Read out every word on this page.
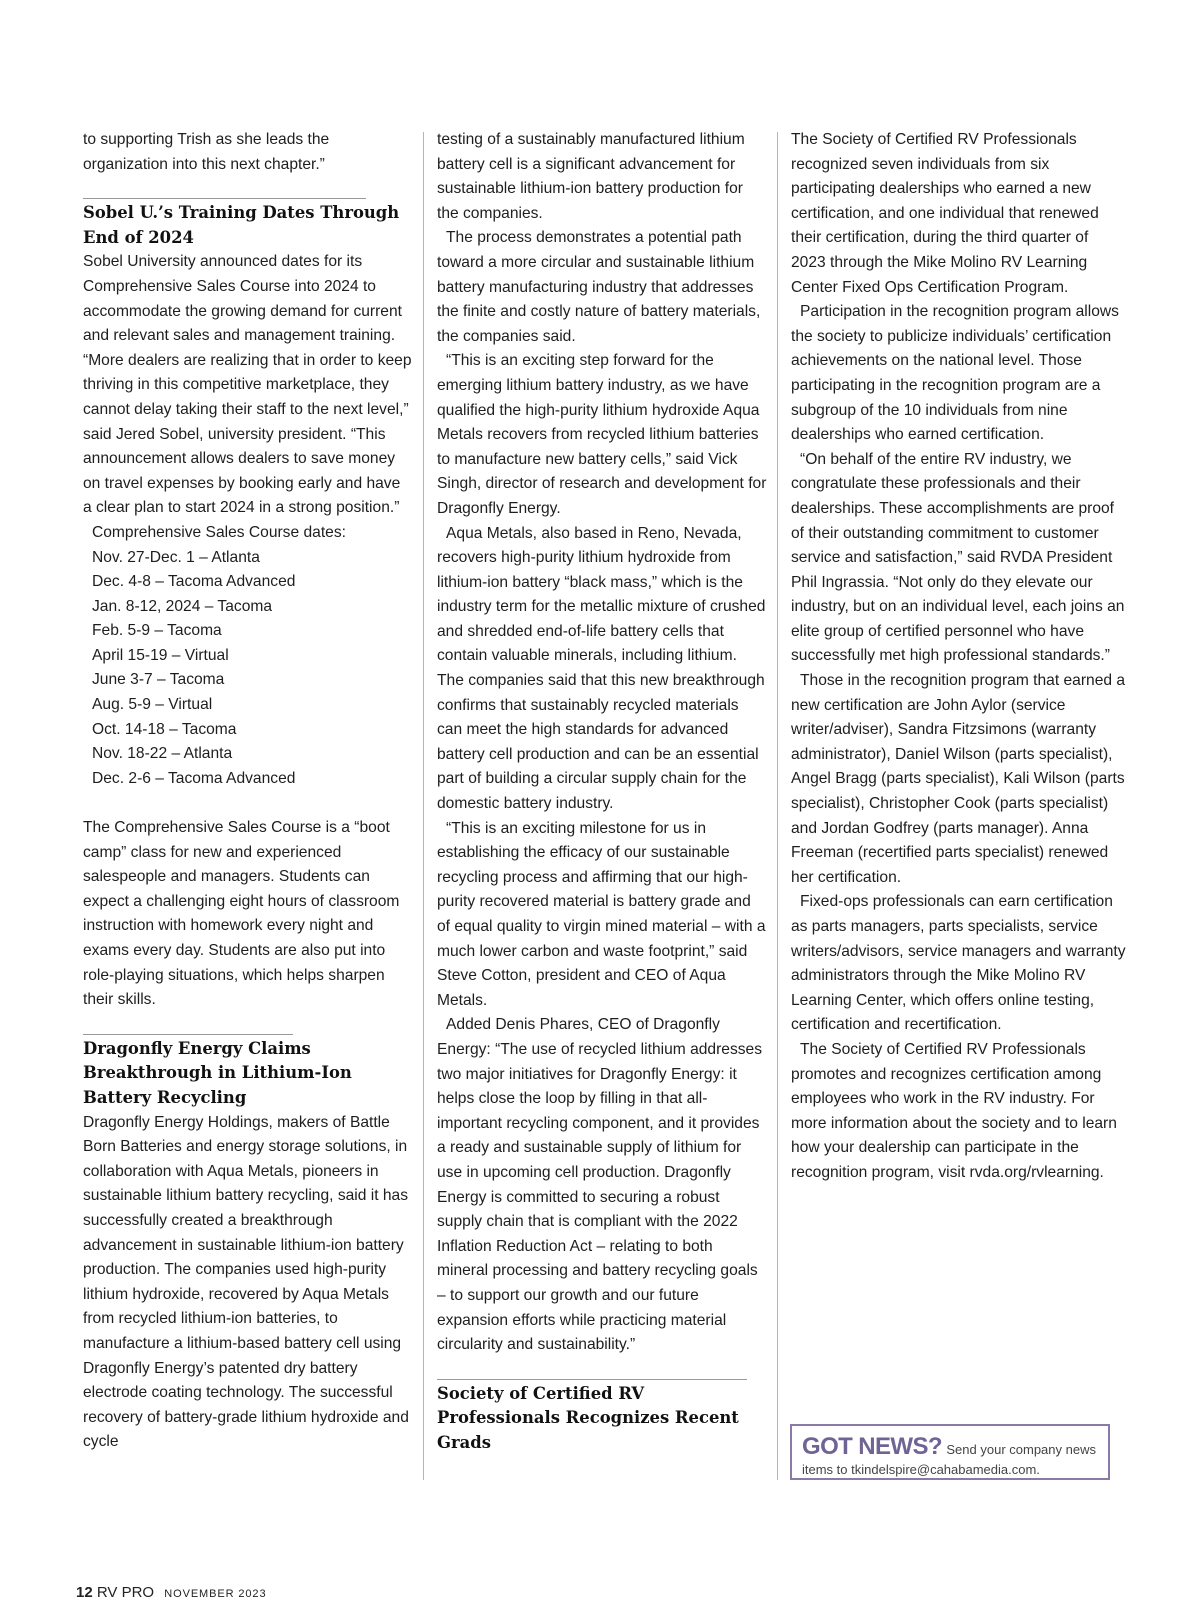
to supporting Trish as she leads the organization into this next chapter.”

Sobel U.’s Training Dates Through End of 2024

Sobel University announced dates for its Comprehensive Sales Course into 2024 to accommodate the growing demand for current and relevant sales and management training. “More dealers are realizing that in order to keep thriving in this competitive marketplace, they cannot delay taking their staff to the next level,” said Jered Sobel, university president. “This announcement allows dealers to save money on travel expenses by booking early and have a clear plan to start 2024 in a strong position.”

Comprehensive Sales Course dates:

Nov. 27-Dec. 1 – Atlanta
Dec. 4-8 – Tacoma Advanced
Jan. 8-12, 2024 – Tacoma
Feb. 5-9 – Tacoma
April 15-19 – Virtual
June 3-7 – Tacoma
Aug. 5-9 – Virtual
Oct. 14-18 – Tacoma
Nov. 18-22 – Atlanta
Dec. 2-6 – Tacoma Advanced

The Comprehensive Sales Course is a “boot camp” class for new and experienced salespeople and managers. Students can expect a challenging eight hours of classroom instruction with homework every night and exams every day. Students are also put into role-playing situations, which helps sharpen their skills.

Dragonfly Energy Claims Breakthrough in Lithium-Ion Battery Recycling

Dragonfly Energy Holdings, makers of Battle Born Batteries and energy storage solutions, in collaboration with Aqua Metals, pioneers in sustainable lithium battery recycling, said it has successfully created a breakthrough advancement in sustainable lithium-ion battery production. The companies used high-purity lithium hydroxide, recovered by Aqua Metals from recycled lithium-ion batteries, to manufacture a lithium-based battery cell using Dragonfly Energy’s patented dry battery electrode coating technology. The successful recovery of battery-grade lithium hydroxide and cycle

testing of a sustainably manufactured lithium battery cell is a significant advancement for sustainable lithium-ion battery production for the companies.

The process demonstrates a potential path toward a more circular and sustainable lithium battery manufacturing industry that addresses the finite and costly nature of battery materials, the companies said.

“This is an exciting step forward for the emerging lithium battery industry, as we have qualified the high-purity lithium hydroxide Aqua Metals recovers from recycled lithium batteries to manufacture new battery cells,” said Vick Singh, director of research and development for Dragonfly Energy.

Aqua Metals, also based in Reno, Nevada, recovers high-purity lithium hydroxide from lithium-ion battery “black mass,” which is the industry term for the metallic mixture of crushed and shredded end-of-life battery cells that contain valuable minerals, including lithium. The companies said that this new breakthrough confirms that sustainably recycled materials can meet the high standards for advanced battery cell production and can be an essential part of building a circular supply chain for the domestic battery industry.

“This is an exciting milestone for us in establishing the efficacy of our sustainable recycling process and affirming that our high-purity recovered material is battery grade and of equal quality to virgin mined material – with a much lower carbon and waste footprint,” said Steve Cotton, president and CEO of Aqua Metals.

Added Denis Phares, CEO of Dragonfly Energy: “The use of recycled lithium addresses two major initiatives for Dragonfly Energy: it helps close the loop by filling in that all-important recycling component, and it provides a ready and sustainable supply of lithium for use in upcoming cell production. Dragonfly Energy is committed to securing a robust supply chain that is compliant with the 2022 Inflation Reduction Act – relating to both mineral processing and battery recycling goals – to support our growth and our future expansion efforts while practicing material circularity and sustainability.”

Society of Certified RV Professionals Recognizes Recent Grads

The Society of Certified RV Professionals recognized seven individuals from six participating dealerships who earned a new certification, and one individual that renewed their certification, during the third quarter of 2023 through the Mike Molino RV Learning Center Fixed Ops Certification Program.

Participation in the recognition program allows the society to publicize individuals’ certification achievements on the national level. Those participating in the recognition program are a subgroup of the 10 individuals from nine dealerships who earned certification.

“On behalf of the entire RV industry, we congratulate these professionals and their dealerships. These accomplishments are proof of their outstanding commitment to customer service and satisfaction,” said RVDA President Phil Ingrassia. “Not only do they elevate our industry, but on an individual level, each joins an elite group of certified personnel who have successfully met high professional standards.”

Those in the recognition program that earned a new certification are John Aylor (service writer/adviser), Sandra Fitzsimons (warranty administrator), Daniel Wilson (parts specialist), Angel Bragg (parts specialist), Kali Wilson (parts specialist), Christopher Cook (parts specialist) and Jordan Godfrey (parts manager). Anna Freeman (recertified parts specialist) renewed her certification.

Fixed-ops professionals can earn certification as parts managers, parts specialists, service writers/advisors, service managers and warranty administrators through the Mike Molino RV Learning Center, which offers online testing, certification and recertification.

The Society of Certified RV Professionals promotes and recognizes certification among employees who work in the RV industry. For more information about the society and to learn how your dealership can participate in the recognition program, visit rvda.org/rvlearning.

GOT NEWS? Send your company news
items to tkindelspire@cahabamedia.com.
12 RV PRO NOVEMBER 2023
